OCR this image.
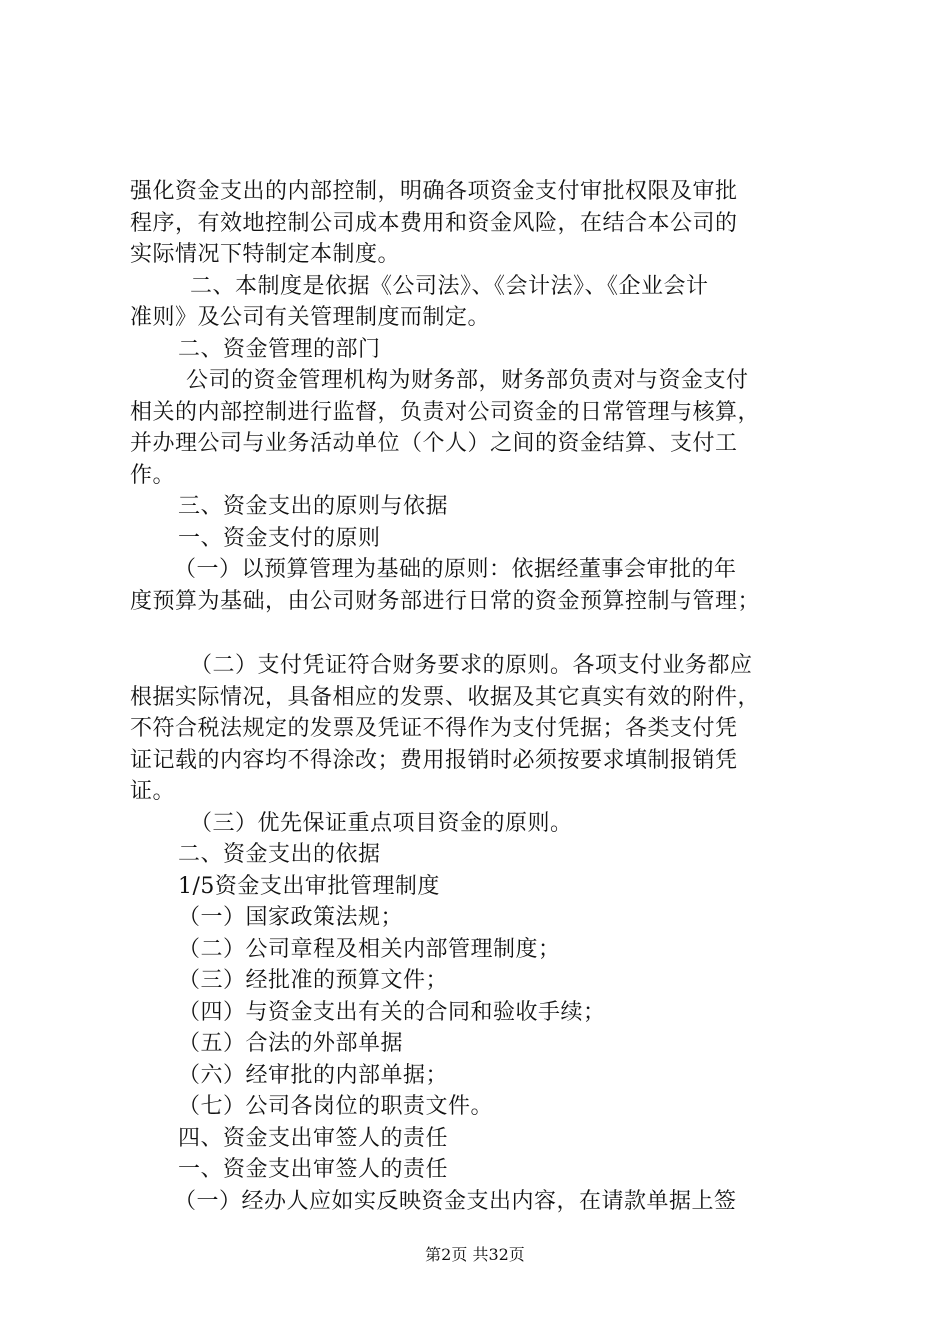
强化资金支出的内部控制，明确各项资金支付审批权限及审批
程序，有效地控制公司成本费用和资金风险，在结合本公司的
实际情况下特制定本制度。
二、本制度是依据《公司法》、《会计法》、《企业会计
准则》及公司有关管理制度而制定。
二、资金管理的部门
公司的资金管理机构为财务部，财务部负责对与资金支付
相关的内部控制进行监督，负责对公司资金的日常管理与核算，
并办理公司与业务活动单位（个人）之间的资金结算、支付工
作。
三、资金支出的原则与依据
一、资金支付的原则
（一）以预算管理为基础的原则：依据经董事会审批的年
度预算为基础，由公司财务部进行日常的资金预算控制与管理；
（二）支付凭证符合财务要求的原则。各项支付业务都应
根据实际情况，具备相应的发票、收据及其它真实有效的附件，
不符合税法规定的发票及凭证不得作为支付凭据；各类支付凭
证记载的内容均不得涂改；费用报销时必须按要求填制报销凭
证。
（三）优先保证重点项目资金的原则。
二、资金支出的依据
1/5资金支出审批管理制度
（一）国家政策法规；
（二）公司章程及相关内部管理制度；
（三）经批准的预算文件；
（四）与资金支出有关的合同和验收手续；
（五）合法的外部单据
（六）经审批的内部单据；
（七）公司各岗位的职责文件。
四、资金支出审签人的责任
一、资金支出审签人的责任
（一）经办人应如实反映资金支出内容，在请款单据上签
第2页 共32页
